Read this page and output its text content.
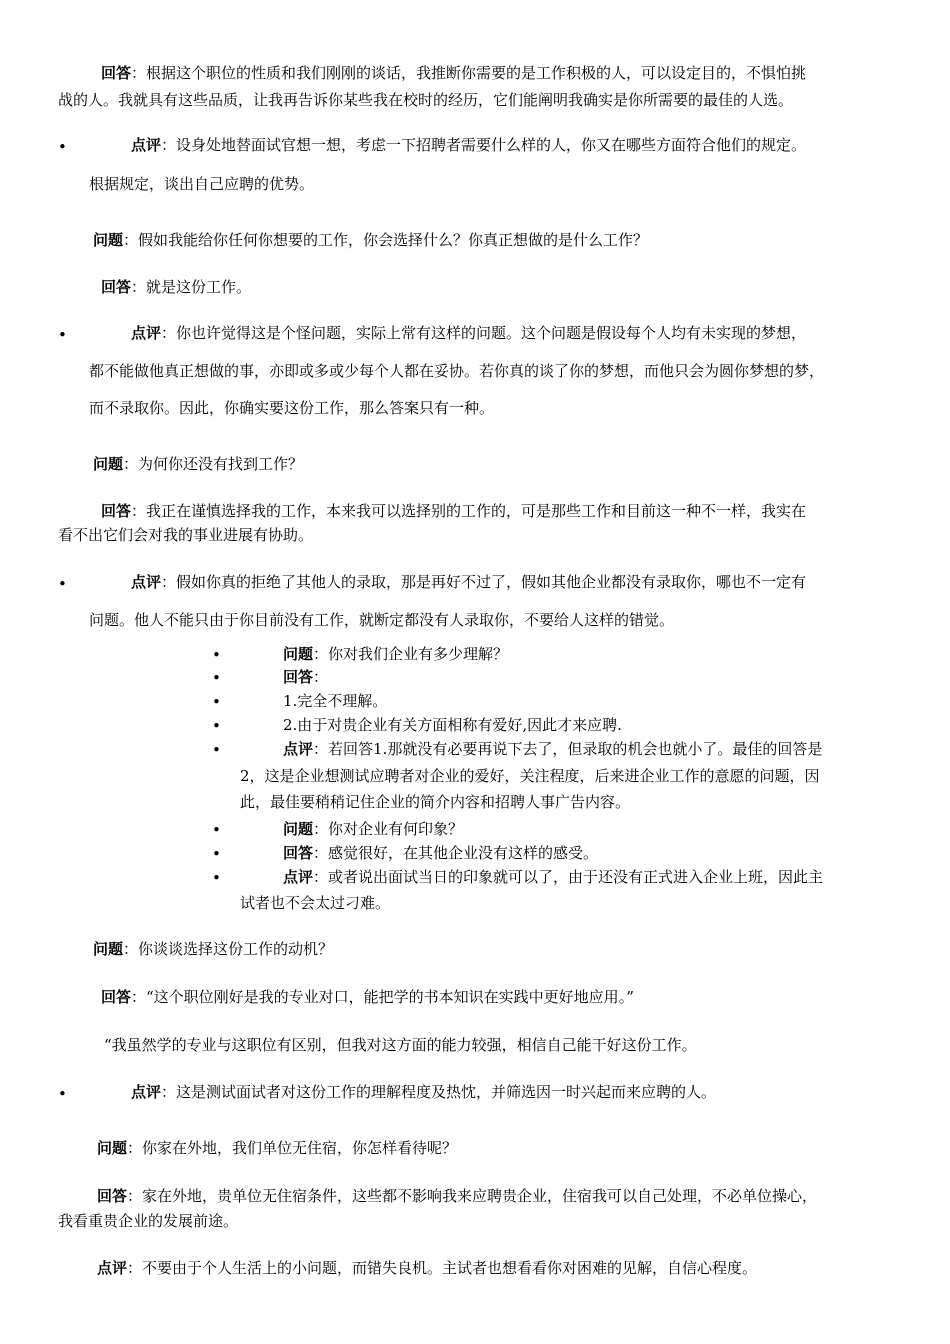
回答：根据这个职位的性质和我们刚刚的谈话，我推断你需要的是工作积极的人，可以设定目的，不惧怕挑
战的人。我就具有这些品质，让我再告诉你某些我在校时的经历，它们能阐明我确实是你所需要的最佳的人选。
•	点评：设身处地替面试官想一想，考虑一下招聘者需要什么样的人，你又在哪些方面符合他们的规定。
根据规定，谈出自己应聘的优势。
问题：假如我能给你任何你想要的工作，你会选择什么？你真正想做的是什么工作？
回答：就是这份工作。
•	点评：你也许觉得这是个怪问题，实际上常有这样的问题。这个问题是假设每个人均有未实现的梦想，
都不能做他真正想做的事，亦即或多或少每个人都在妥协。若你真的谈了你的梦想，而他只会为圆你梦想的梦，
而不录取你。因此，你确实要这份工作，那么答案只有一种。
问题：为何你还没有找到工作？
回答：我正在谨慎选择我的工作，本来我可以选择别的工作的，可是那些工作和目前这一种不一样，我实在
看不出它们会对我的事业进展有协助。
•	点评：假如你真的拒绝了其他人的录取，那是再好不过了，假如其他企业都没有录取你，哪也不一定有
问题。他人不能只由于你目前没有工作，就断定都没有人录取你，不要给人这样的错觉。
•	问题：你对我们企业有多少理解？
•	回答：
•	1.完全不理解。
•	2.由于对贵企业有关方面相称有爱好,因此才来应聘.
•	点评：若回答1.那就没有必要再说下去了，但录取的机会也就小了。最佳的回答是
2，这是企业想测试应聘者对企业的爱好，关注程度，后来进企业工作的意愿的问题，因
此，最佳要稍稍记住企业的简介内容和招聘人事广告内容。
•	问题：你对企业有何印象？
•	回答：感觉很好，在其他企业没有这样的感受。
•	点评：或者说出面试当日的印象就可以了，由于还没有正式进入企业上班，因此主
试者也不会太过刁难。
问题：你谈谈选择这份工作的动机？
回答：“这个职位刚好是我的专业对口，能把学的书本知识在实践中更好地应用。”
“我虽然学的专业与这职位有区别，但我对这方面的能力较强，相信自己能干好这份工作。
•	点评：这是测试面试者对这份工作的理解程度及热忱，并筛选因一时兴起而来应聘的人。
问题：你家在外地，我们单位无住宿，你怎样看待呢？
回答：家在外地，贵单位无住宿条件，这些都不影响我来应聘贵企业，住宿我可以自己处理，不必单位操心，
我看重贵企业的发展前途。
点评：不要由于个人生活上的小问题，而错失良机。主试者也想看看你对困难的见解，自信心程度。
